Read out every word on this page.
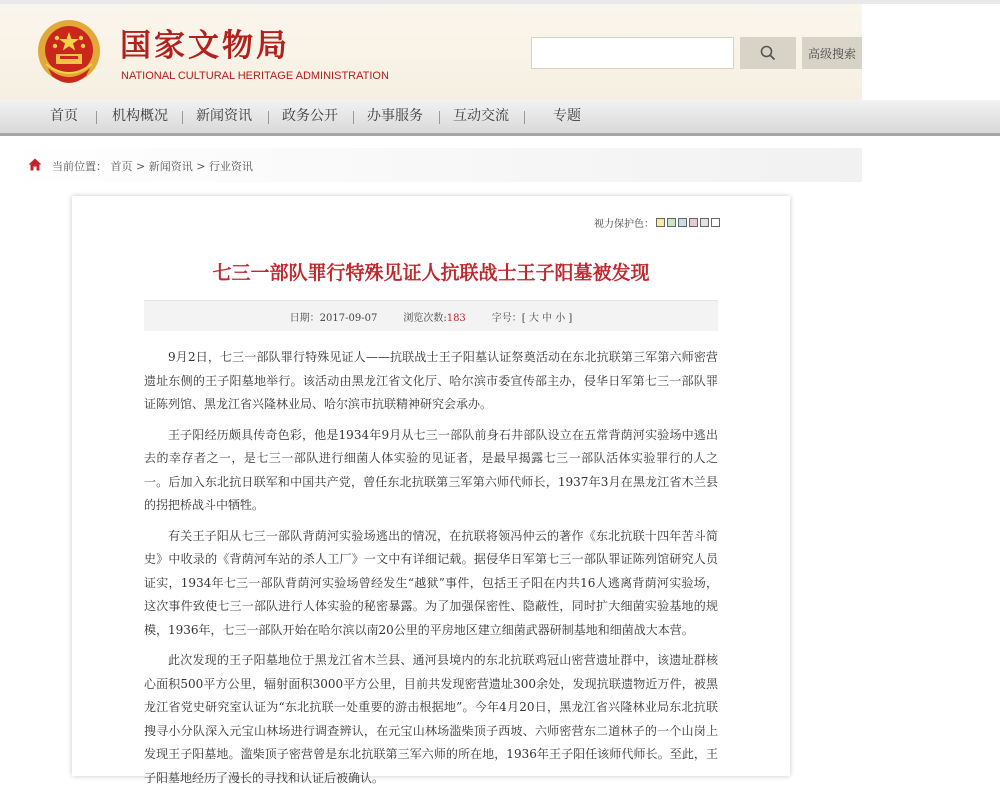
国家文物局
NATIONAL CULTURAL HERITAGE ADMINISTRATION
高级搜索
首页 机构概况 新闻资讯 政务公开 办事服务 互动交流	专题
当前位置： 首页 > 新闻资讯 > 行业资讯
视力保护色：
七三一部队罪行特殊见证人抗联战士王子阳墓被发现
日期：2017-09-07	浏览次数:183	字号：[ 大 中 小 ]

9月2日，七三一部队罪行特殊见证人——抗联战士王子阳墓认证祭奠活动在东北抗联第三军第六师密营遗址东侧的王子阳墓地举行。该活动由黑龙江省文化厅、哈尔滨市委宣传部主办，侵华日军第七三一部队罪证陈列馆、黑龙江省兴隆林业局、哈尔滨市抗联精神研究会承办。

王子阳经历颇具传奇色彩，他是1934年9月从七三一部队前身石井部队设立在五常背荫河实验场中逃出去的幸存者之一，是七三一部队进行细菌人体实验的见证者，是最早揭露七三一部队活体实验罪行的人之一。后加入东北抗日联军和中国共产党，曾任东北抗联第三军第六师代师长，1937年3月在黑龙江省木兰县的拐把桥战斗中牺牲。

有关王子阳从七三一部队背荫河实验场逃出的情况，在抗联将领冯仲云的著作《东北抗联十四年苦斗简史》中收录的《背荫河车站的杀人工厂》一文中有详细记载。据侵华日军第七三一部队罪证陈列馆研究人员证实，1934年七三一部队背荫河实验场曾经发生“越狱”事件，包括王子阳在内共16人逃离背荫河实验场，这次事件致使七三一部队进行人体实验的秘密暴露。为了加强保密性、隐蔽性，同时扩大细菌实验基地的规模，1936年，七三一部队开始在哈尔滨以南20公里的平房地区建立细菌武器研制基地和细菌战大本营。

此次发现的王子阳墓地位于黑龙江省木兰县、通河县境内的东北抗联鸡冠山密营遗址群中，该遗址群核心面积500平方公里，辐射面积3000平方公里，目前共发现密营遗址300余处，发现抗联遗物近万件，被黑龙江省党史研究室认证为“东北抗联一处重要的游击根据地”。今年4月20日，黑龙江省兴隆林业局东北抗联搜寻小分队深入元宝山林场进行调查辨认，在元宝山林场滥柴顶子西坡、六师密营东二道林子的一个山岗上发现王子阳墓地。滥柴顶子密营曾是东北抗联第三军六师的所在地，1936年王子阳任该师代师长。至此，王子阳墓地经历了漫长的寻找和认证后被确认。
